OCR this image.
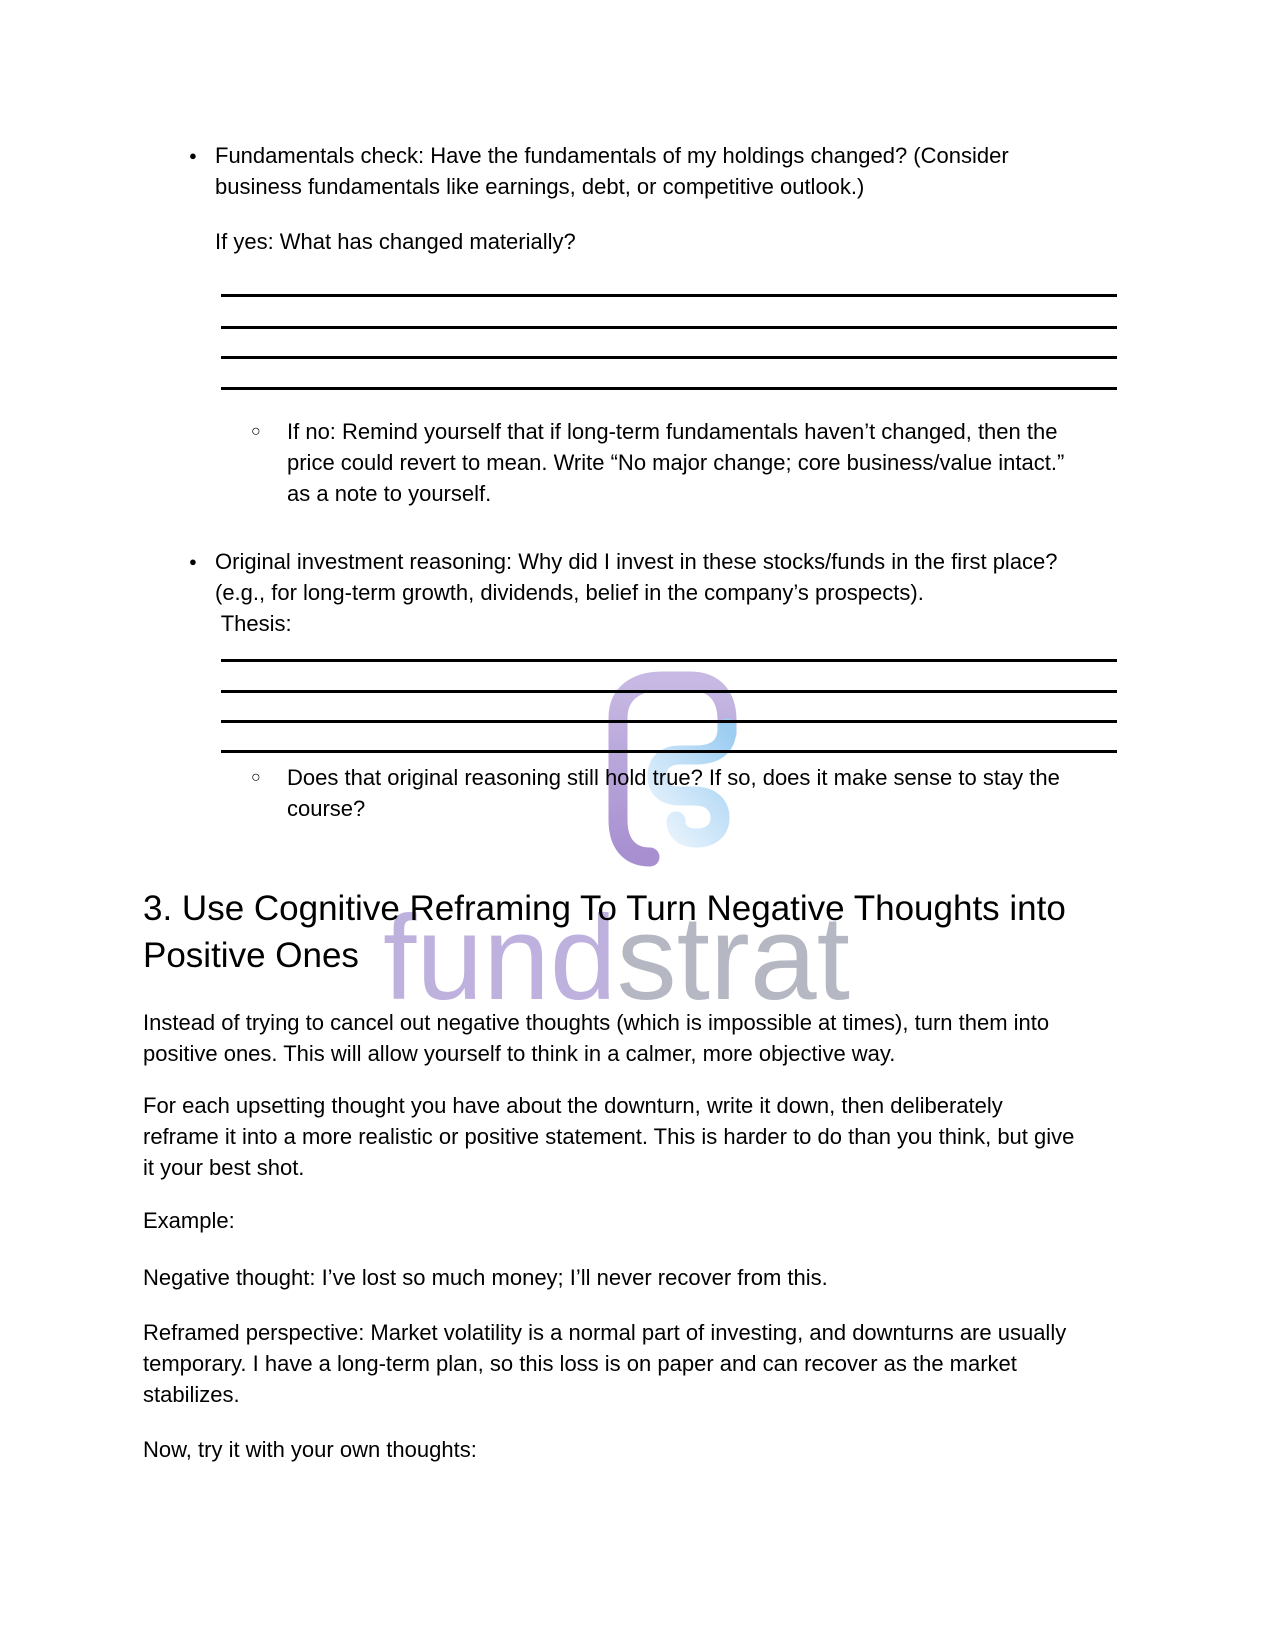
fundstrat
● Fundamentals check: Have the fundamentals of my holdings changed? (Consider
business fundamentals like earnings, debt, or competitive outlook.)
If yes: What has changed materially?
○ If no: Remind yourself that if long-term fundamentals haven’t changed, then the
price could revert to mean. Write “No major change; core business/value intact.”
as a note to yourself.
● Original investment reasoning: Why did I invest in these stocks/funds in the first place?
(e.g., for long-term growth, dividends, belief in the company’s prospects).
Thesis:
○ Does that original reasoning still hold true? If so, does it make sense to stay the
course?
3. Use Cognitive Reframing To Turn Negative Thoughts into
Positive Ones
Instead of trying to cancel out negative thoughts (which is impossible at times), turn them into
positive ones. This will allow yourself to think in a calmer, more objective way.
For each upsetting thought you have about the downturn, write it down, then deliberately
reframe it into a more realistic or positive statement. This is harder to do than you think, but give
it your best shot.
Example:
Negative thought: I’ve lost so much money; I’ll never recover from this.
Reframed perspective: Market volatility is a normal part of investing, and downturns are usually
temporary. I have a long-term plan, so this loss is on paper and can recover as the market
stabilizes.
Now, try it with your own thoughts:
